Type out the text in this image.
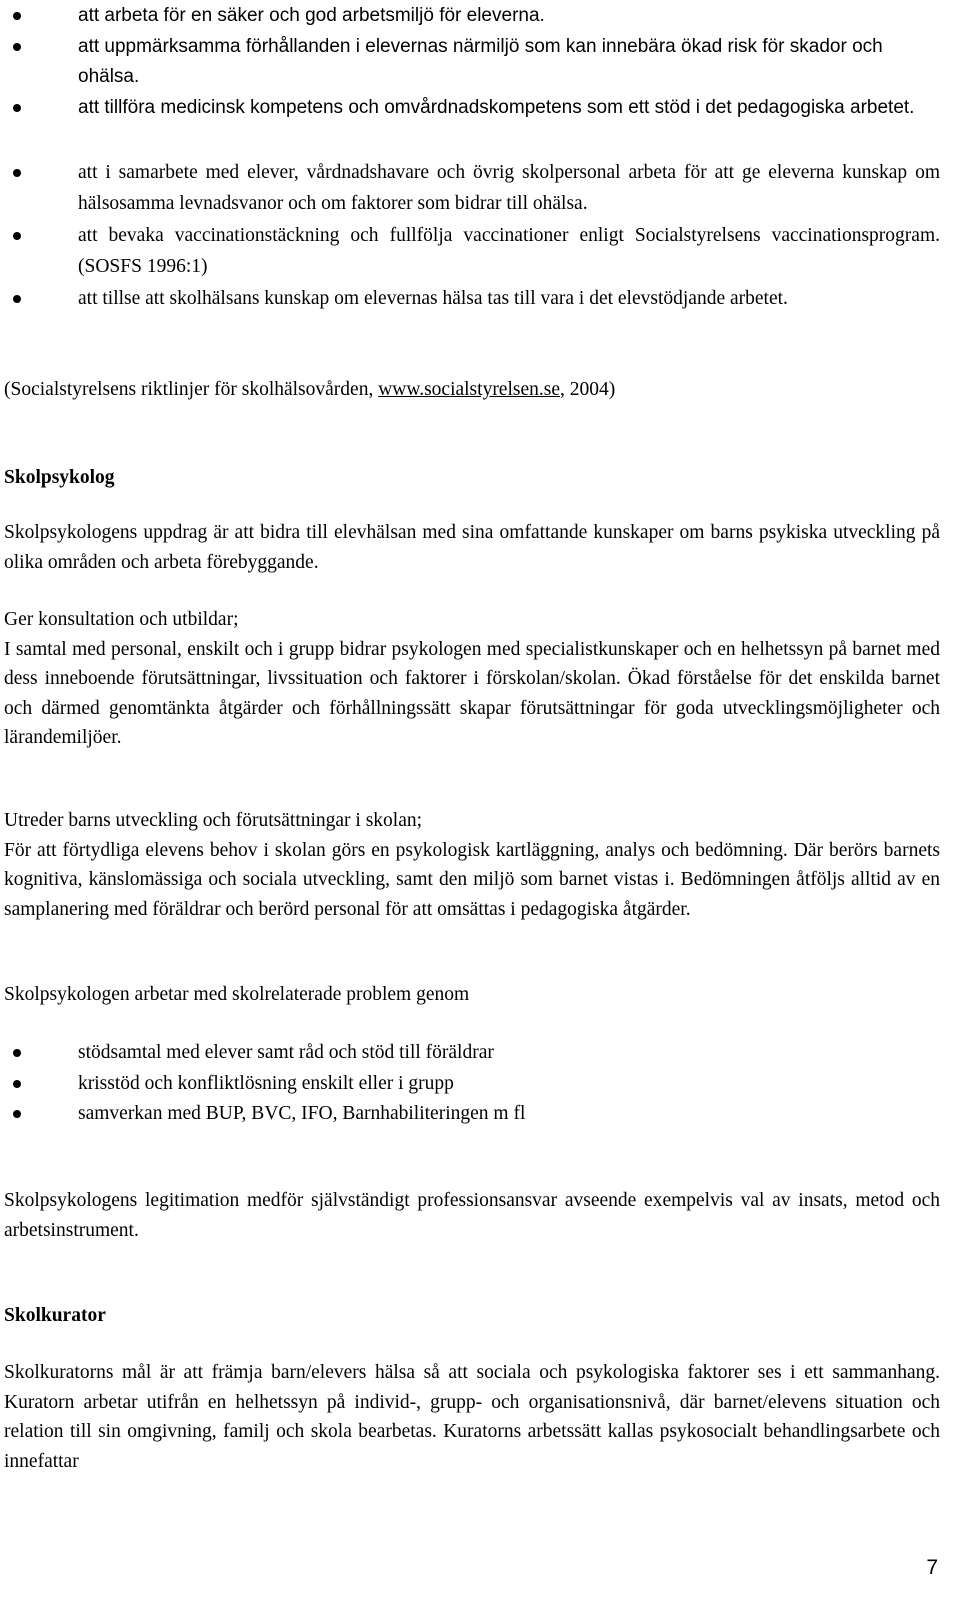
att arbeta för en säker och god arbetsmiljö för eleverna.
att uppmärksamma förhållanden i elevernas närmiljö som kan innebära ökad risk för skador och ohälsa.
att tillföra medicinsk kompetens och omvårdnadskompetens som ett stöd i det pedagogiska arbetet.
att i samarbete med elever, vårdnadshavare och övrig skolpersonal arbeta för att ge eleverna kunskap om hälsosamma levnadsvanor och om faktorer som bidrar till ohälsa.
att bevaka vaccinationstäckning och fullfölja vaccinationer enligt Socialstyrelsens vaccinationsprogram. (SOSFS 1996:1)
att tillse att skolhälsans kunskap om elevernas hälsa tas till vara i det elevstödjande arbetet.

(Socialstyrelsens riktlinjer för skolhälsovården, www.socialstyrelsen.se, 2004)

Skolpsykolog

Skolpsykologens uppdrag är att bidra till elevhälsan med sina omfattande kunskaper om barns psykiska utveckling på olika områden och arbeta förebyggande.

Ger konsultation och utbildar;

I samtal med personal, enskilt och i grupp bidrar psykologen med specialistkunskaper och en helhetssyn på barnet med dess inneboende förutsättningar, livssituation och faktorer i förskolan/skolan. Ökad förståelse för det enskilda barnet och därmed genomtänkta åtgärder och förhållningssätt skapar förutsättningar för goda utvecklingsmöjligheter och lärandemiljöer.

Utreder barns utveckling och förutsättningar i skolan;

För att förtydliga elevens behov i skolan görs en psykologisk kartläggning, analys och bedömning. Där berörs barnets kognitiva, känslomässiga och sociala utveckling, samt den miljö som barnet vistas i. Bedömningen åtföljs alltid av en samplanering med föräldrar och berörd personal för att omsättas i pedagogiska åtgärder.

Skolpsykologen arbetar med skolrelaterade problem genom

stödsamtal med elever samt råd och stöd till föräldrar
krisstöd och konfliktlösning enskilt eller i grupp
samverkan med BUP, BVC, IFO, Barnhabiliteringen m fl

Skolpsykologens legitimation medför självständigt professionsansvar avseende exempelvis val av insats, metod och arbetsinstrument.

Skolkurator

Skolkuratorns mål är att främja barn/elevers hälsa så att sociala och psykologiska faktorer ses i ett sammanhang. Kuratorn arbetar utifrån en helhetssyn på individ-, grupp- och organisationsnivå, där barnet/elevens situation och relation till sin omgivning, familj och skola bearbetas. Kuratorns arbetssätt kallas psykosocialt behandlingsarbete och innefattar

7
